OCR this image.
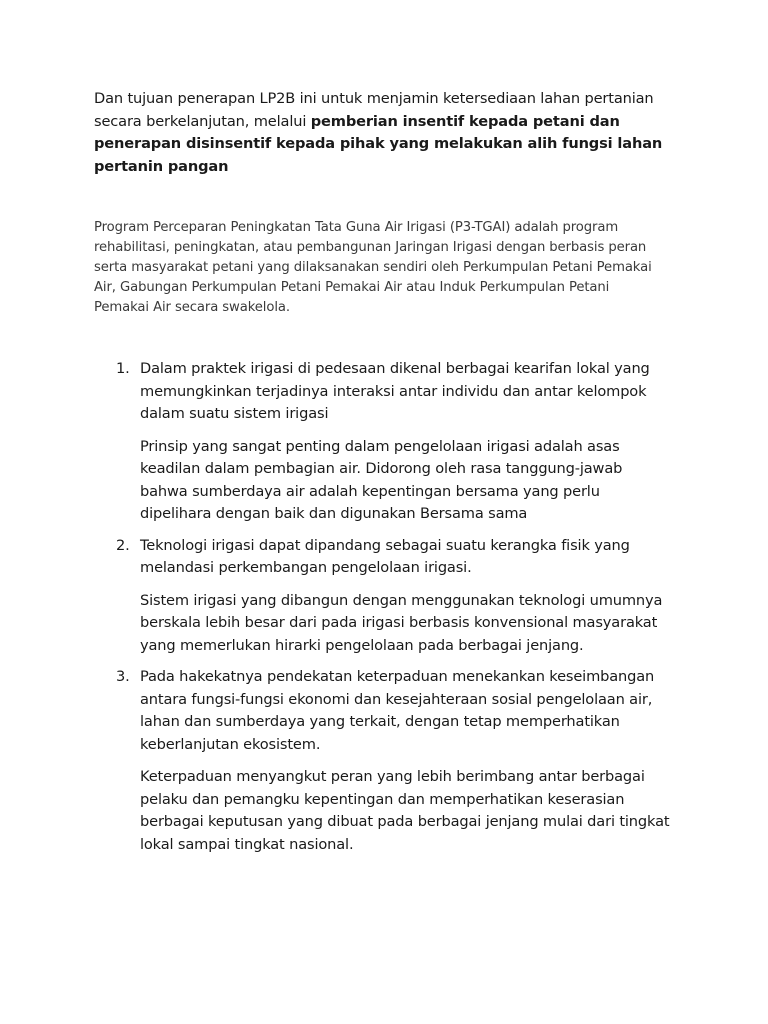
Dan tujuan penerapan LP2B ini untuk menjamin ketersediaan lahan pertanian
secara berkelanjutan, melalui pemberian insentif kepada petani dan
penerapan disinsentif kepada pihak yang melakukan alih fungsi lahan
pertanin pangan
Program Perceparan Peningkatan Tata Guna Air Irigasi (P3-TGAI) adalah program
rehabilitasi, peningkatan, atau pembangunan Jaringan Irigasi dengan berbasis peran
serta masyarakat petani yang dilaksanakan sendiri oleh Perkumpulan Petani Pemakai
Air, Gabungan Perkumpulan Petani Pemakai Air atau Induk Perkumpulan Petani
Pemakai Air secara swakelola.
1. Dalam praktek irigasi di pedesaan dikenal berbagai kearifan lokal yang
memungkinkan terjadinya interaksi antar individu dan antar kelompok
dalam suatu sistem irigasi
Prinsip yang sangat penting dalam pengelolaan irigasi adalah asas
keadilan dalam pembagian air. Didorong oleh rasa tanggung-jawab
bahwa sumberdaya air adalah kepentingan bersama yang perlu
dipelihara dengan baik dan digunakan Bersama sama
2. Teknologi irigasi dapat dipandang sebagai suatu kerangka fisik yang
melandasi perkembangan pengelolaan irigasi.
Sistem irigasi yang dibangun dengan menggunakan teknologi umumnya
berskala lebih besar dari pada irigasi berbasis konvensional masyarakat
yang memerlukan hirarki pengelolaan pada berbagai jenjang.
3. Pada hakekatnya pendekatan keterpaduan menekankan keseimbangan
antara fungsi-fungsi ekonomi dan kesejahteraan sosial pengelolaan air,
lahan dan sumberdaya yang terkait, dengan tetap memperhatikan
keberlanjutan ekosistem.
Keterpaduan menyangkut peran yang lebih berimbang antar berbagai
pelaku dan pemangku kepentingan dan memperhatikan keserasian
berbagai keputusan yang dibuat pada berbagai jenjang mulai dari tingkat
lokal sampai tingkat nasional.
